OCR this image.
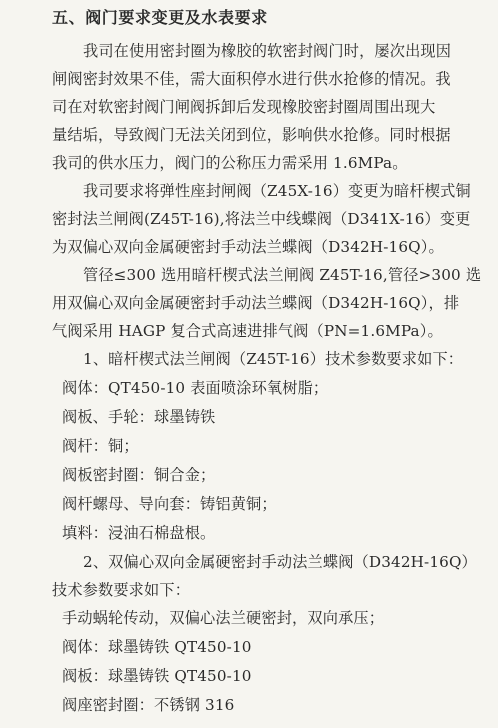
五、阀门要求变更及水表要求
我司在使用密封圈为橡胶的软密封阀门时，屡次出现因
闸阀密封效果不佳，需大面积停水进行供水抢修的情况。我
司在对软密封阀门闸阀拆卸后发现橡胶密封圈周围出现大
量结垢，导致阀门无法关闭到位，影响供水抢修。同时根据
我司的供水压力，阀门的公称压力需采用 1.6MPa。
我司要求将弹性座封闸阀（Z45X-16）变更为暗杆楔式铜
密封法兰闸阀(Z45T-16),将法兰中线蝶阀（D341X-16）变更
为双偏心双向金属硬密封手动法兰蝶阀（D342H-16Q）。
管径≤300 选用暗杆楔式法兰闸阀 Z45T-16,管径>300 选
用双偏心双向金属硬密封手动法兰蝶阀（D342H-16Q），排
气阀采用 HAGP 复合式高速进排气阀（PN=1.6MPa）。
1、暗杆楔式法兰闸阀（Z45T-16）技术参数要求如下：
阀体：QT450-10 表面喷涂环氧树脂；
阀板、手轮：球墨铸铁
阀杆：铜；
阀板密封圈：铜合金；
阀杆螺母、导向套：铸铝黄铜；
填料：浸油石棉盘根。
2、双偏心双向金属硬密封手动法兰蝶阀（D342H-16Q）
技术参数要求如下：
手动蜗轮传动，双偏心法兰硬密封，双向承压；
阀体：球墨铸铁 QT450-10
阀板：球墨铸铁 QT450-10
阀座密封圈：不锈钢 316
